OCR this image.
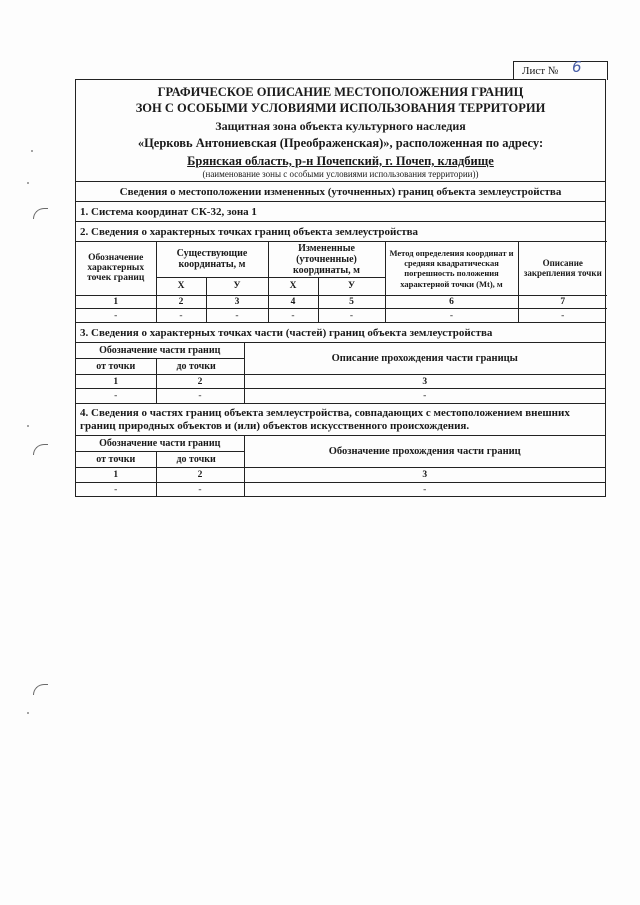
Лист № 6
ГРАФИЧЕСКОЕ ОПИСАНИЕ МЕСТОПОЛОЖЕНИЯ ГРАНИЦ
ЗОН С ОСОБЫМИ УСЛОВИЯМИ ИСПОЛЬЗОВАНИЯ ТЕРРИТОРИИ
Защитная зона объекта культурного наследия
«Церковь Антониевская (Преображенская)», расположенная по адресу:
Брянская область, р-н Почепский, г. Почеп, кладбище
(наименование зоны с особыми условиями использования территории))
Сведения о местоположении измененных (уточненных) границ объекта землеустройства
1. Система координат СК-32, зона 1
2. Сведения о характерных точках границ объекта землеустройства
Обозначение характерных точек границ	Существующие координаты, м		Измененные (уточненные) координаты, м		Метод определения координат и средняя квадратическая погрешность положения характерной точки (Mt), м	Описание закрепления точки
	X	У	X	У		
1	2	3	4	5	6	7
-	-	-	-	-	-	-
3. Сведения о характерных точках части (частей) границ объекта землеустройства
Обозначение части границ		Описание прохождения части границы
от точки	до точки	
1	2	3
-	-	-
4. Сведения о частях границ объекта землеустройства, совпадающих с местоположением внешних границ природных объектов и (или) объектов искусственного происхождения.
Обозначение части границ		Обозначение прохождения части границ
от точки	до точки	
1	2	3
-	-	-
